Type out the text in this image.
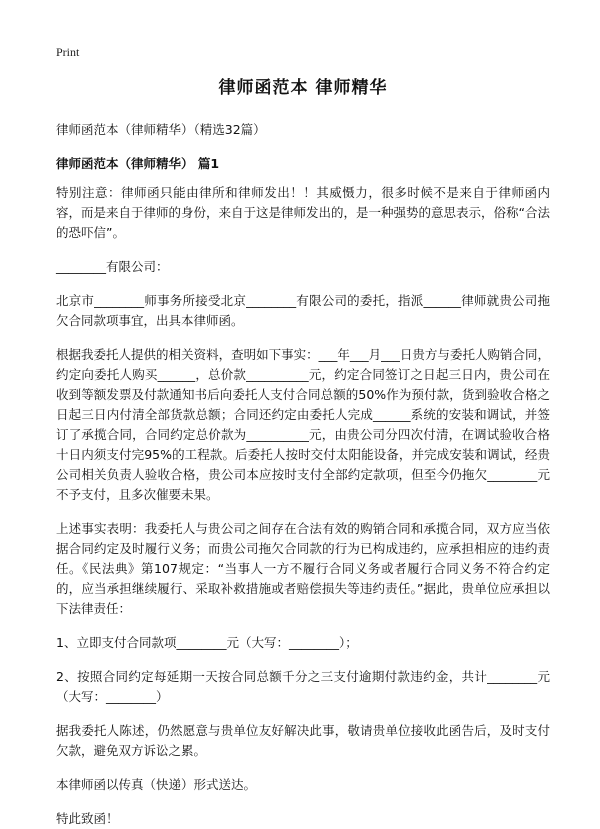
Print
律师函范本 律师精华
律师函范本（律师精华）（精选32篇）
律师函范本（律师精华） 篇1

特别注意：律师函只能由律所和律师发出！！其威慑力，很多时候不是来自于律师函内容，而是来自于律师的身份，来自于这是律师发出的，是一种强势的意思表示，俗称“合法的恐吓信”。

________有限公司：

北京市________师事务所接受北京________有限公司的委托，指派______律师就贵公司拖欠合同款项事宜，出具本律师函。

根据我委托人提供的相关资料，查明如下事实：___年___月___日贵方与委托人购销合同，约定向委托人购买______，总价款__________元，约定合同签订之日起三日内，贵公司在收到等额发票及付款通知书后向委托人支付合同总额的50%作为预付款，货到验收合格之日起三日内付清全部货款总额；合同还约定由委托人完成______系统的安装和调试，并签订了承揽合同，合同约定总价款为__________元，由贵公司分四次付清，在调试验收合格十日内须支付完95%的工程款。后委托人按时交付太阳能设备，并完成安装和调试，经贵公司相关负责人验收合格，贵公司本应按时支付全部约定款项，但至今仍拖欠________元不予支付，且多次催要未果。

上述事实表明：我委托人与贵公司之间存在合法有效的购销合同和承揽合同，双方应当依据合同约定及时履行义务；而贵公司拖欠合同款的行为已构成违约，应承担相应的违约责任。《民法典》第107规定：“当事人一方不履行合同义务或者履行合同义务不符合约定的，应当承担继续履行、采取补救措施或者赔偿损失等违约责任。”据此，贵单位应承担以下法律责任：

1、立即支付合同款项________元（大写：________）；

2、按照合同约定每延期一天按合同总额千分之三支付逾期付款违约金，共计________元（大写：________）

据我委托人陈述，仍然愿意与贵单位友好解决此事，敬请贵单位接收此函告后，及时支付欠款，避免双方诉讼之累。

本律师函以传真（快递）形式送达。

特此致函！
